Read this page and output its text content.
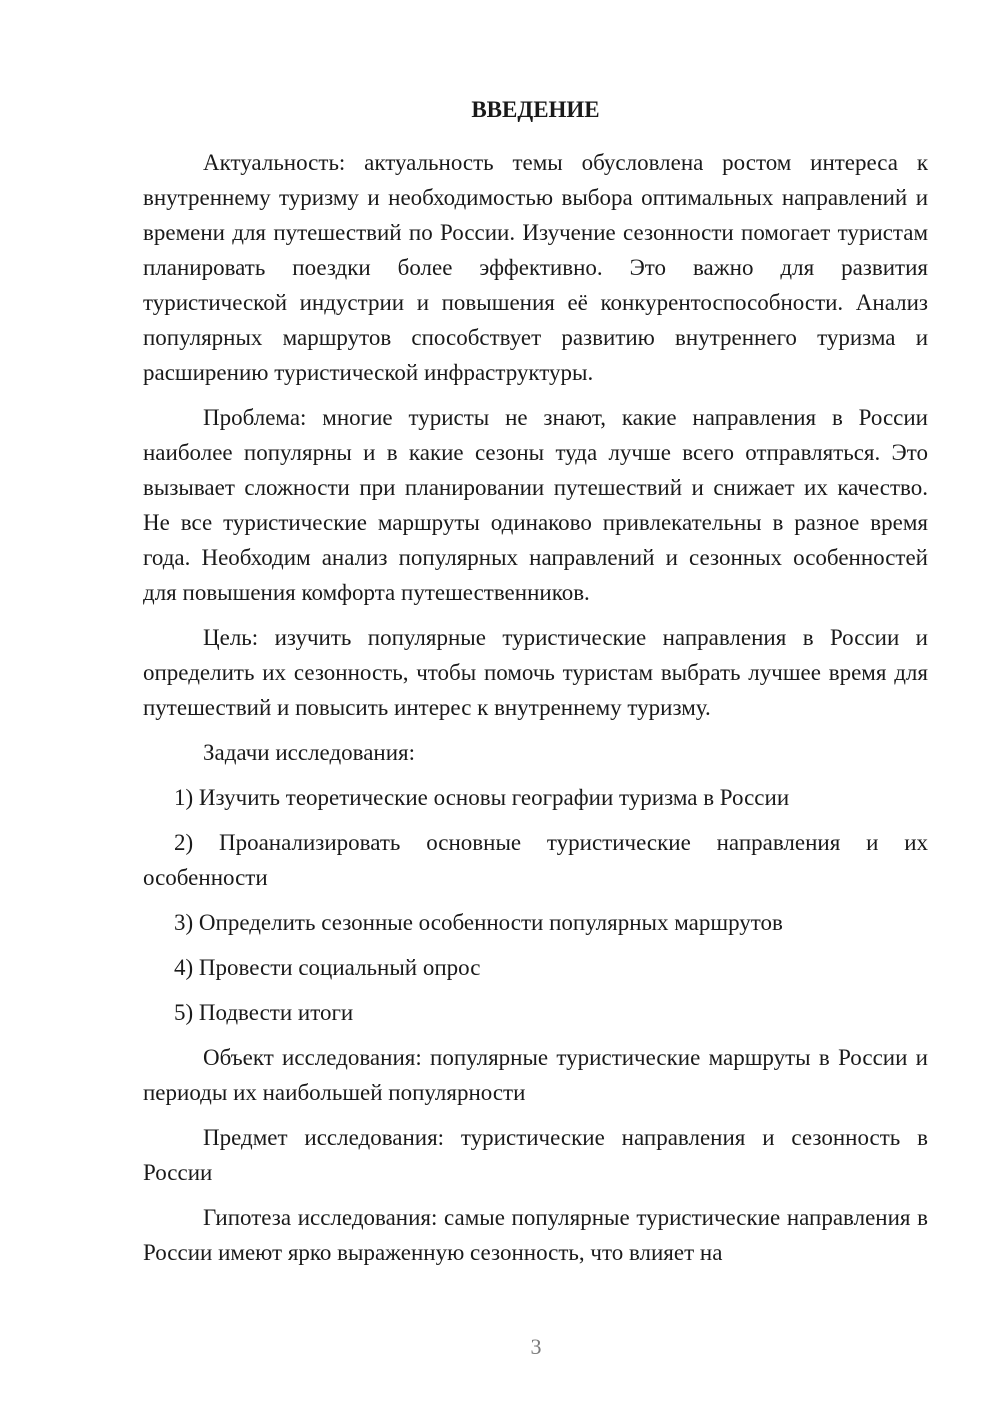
ВВЕДЕНИЕ

Актуальность: актуальность темы обусловлена ростом интереса к внутреннему туризму и необходимостью выбора оптимальных направлений и времени для путешествий по России. Изучение сезонности помогает туристам планировать поездки более эффективно. Это важно для развития туристической индустрии и повышения её конкурентоспособности. Анализ популярных маршрутов способствует развитию внутреннего туризма и расширению туристической инфраструктуры.

Проблема: многие туристы не знают, какие направления в России наиболее популярны и в какие сезоны туда лучше всего отправляться. Это вызывает сложности при планировании путешествий и снижает их качество. Не все туристические маршруты одинаково привлекательны в разное время года. Необходим анализ популярных направлений и сезонных особенностей для повышения комфорта путешественников.

Цель: изучить популярные туристические направления в России и определить их сезонность, чтобы помочь туристам выбрать лучшее время для путешествий и повысить интерес к внутреннему туризму.

Задачи исследования:

1) Изучить теоретические основы географии туризма в России

2) Проанализировать основные туристические направления и их особенности

3) Определить сезонные особенности популярных маршрутов

4) Провести социальный опрос

5) Подвести итоги

Объект исследования: популярные туристические маршруты в России и периоды их наибольшей популярности

Предмет исследования: туристические направления и сезонность в России

Гипотеза исследования: самые популярные туристические направления в России имеют ярко выраженную сезонность, что влияет на

3
